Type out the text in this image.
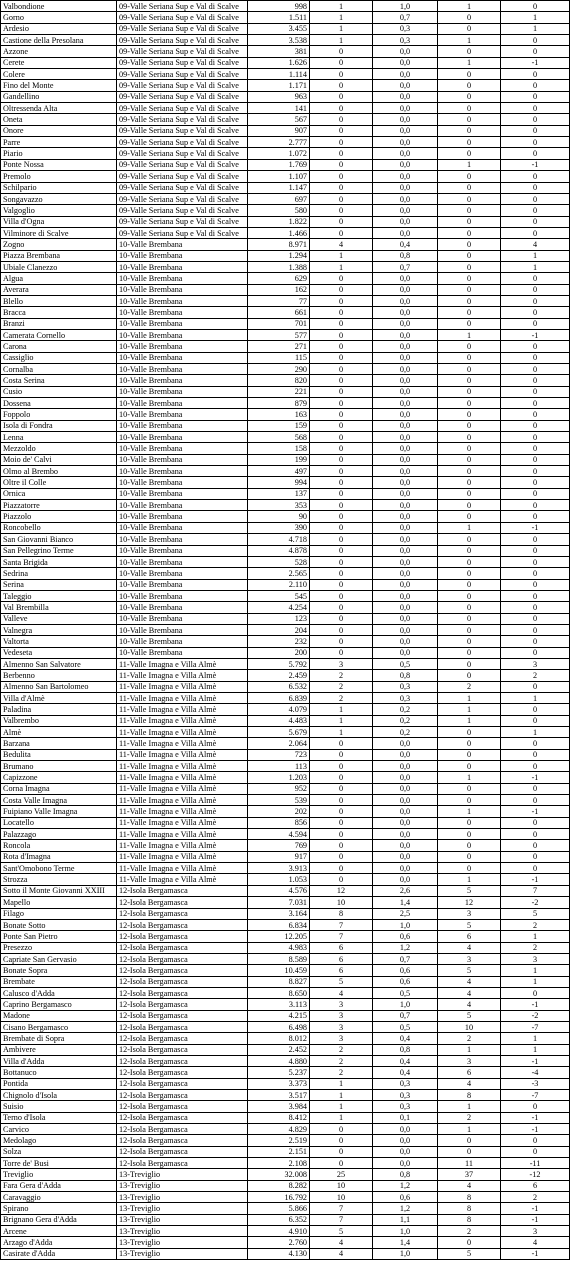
Valbondione	09-Valle Seriana Sup e Val di Scalve	998	1	1,0	1	0
Gorno	09-Valle Seriana Sup e Val di Scalve	1.511	1	0,7	0	1
Ardesio	09-Valle Seriana Sup e Val di Scalve	3.455	1	0,3	0	1
Castione della Presolana	09-Valle Seriana Sup e Val di Scalve	3.538	1	0,3	1	0
Azzone	09-Valle Seriana Sup e Val di Scalve	381	0	0,0	0	0
Cerete	09-Valle Seriana Sup e Val di Scalve	1.626	0	0,0	1	-1
Colere	09-Valle Seriana Sup e Val di Scalve	1.114	0	0,0	0	0
Fino del Monte	09-Valle Seriana Sup e Val di Scalve	1.171	0	0,0	0	0
Gandellino	09-Valle Seriana Sup e Val di Scalve	963	0	0,0	0	0
Oltressenda Alta	09-Valle Seriana Sup e Val di Scalve	141	0	0,0	0	0
Oneta	09-Valle Seriana Sup e Val di Scalve	567	0	0,0	0	0
Onore	09-Valle Seriana Sup e Val di Scalve	907	0	0,0	0	0
Parre	09-Valle Seriana Sup e Val di Scalve	2.777	0	0,0	0	0
Piario	09-Valle Seriana Sup e Val di Scalve	1.072	0	0,0	0	0
Ponte Nossa	09-Valle Seriana Sup e Val di Scalve	1.769	0	0,0	1	-1
Premolo	09-Valle Seriana Sup e Val di Scalve	1.107	0	0,0	0	0
Schilpario	09-Valle Seriana Sup e Val di Scalve	1.147	0	0,0	0	0
Songavazzo	09-Valle Seriana Sup e Val di Scalve	697	0	0,0	0	0
Valgoglio	09-Valle Seriana Sup e Val di Scalve	580	0	0,0	0	0
Villa d'Ogna	09-Valle Seriana Sup e Val di Scalve	1.822	0	0,0	0	0
Vilminore di Scalve	09-Valle Seriana Sup e Val di Scalve	1.466	0	0,0	0	0
Zogno	10-Valle Brembana	8.971	4	0,4	0	4
Piazza Brembana	10-Valle Brembana	1.294	1	0,8	0	1
Ubiale Clanezzo	10-Valle Brembana	1.388	1	0,7	0	1
Algua	10-Valle Brembana	629	0	0,0	0	0
Averara	10-Valle Brembana	162	0	0,0	0	0
Blello	10-Valle Brembana	77	0	0,0	0	0
Bracca	10-Valle Brembana	661	0	0,0	0	0
Branzi	10-Valle Brembana	701	0	0,0	0	0
Camerata Cornello	10-Valle Brembana	577	0	0,0	1	-1
Carona	10-Valle Brembana	271	0	0,0	0	0
Cassiglio	10-Valle Brembana	115	0	0,0	0	0
Cornalba	10-Valle Brembana	290	0	0,0	0	0
Costa Serina	10-Valle Brembana	820	0	0,0	0	0
Cusio	10-Valle Brembana	221	0	0,0	0	0
Dossena	10-Valle Brembana	879	0	0,0	0	0
Foppolo	10-Valle Brembana	163	0	0,0	0	0
Isola di Fondra	10-Valle Brembana	159	0	0,0	0	0
Lenna	10-Valle Brembana	568	0	0,0	0	0
Mezzoldo	10-Valle Brembana	158	0	0,0	0	0
Moio de' Calvi	10-Valle Brembana	199	0	0,0	0	0
Olmo al Brembo	10-Valle Brembana	497	0	0,0	0	0
Oltre il Colle	10-Valle Brembana	994	0	0,0	0	0
Ornica	10-Valle Brembana	137	0	0,0	0	0
Piazzatorre	10-Valle Brembana	353	0	0,0	0	0
Piazzolo	10-Valle Brembana	90	0	0,0	0	0
Roncobello	10-Valle Brembana	390	0	0,0	1	-1
San Giovanni Bianco	10-Valle Brembana	4.718	0	0,0	0	0
San Pellegrino Terme	10-Valle Brembana	4.878	0	0,0	0	0
Santa Brigida	10-Valle Brembana	528	0	0,0	0	0
Sedrina	10-Valle Brembana	2.565	0	0,0	0	0
Serina	10-Valle Brembana	2.110	0	0,0	0	0
Taleggio	10-Valle Brembana	545	0	0,0	0	0
Val Brembilla	10-Valle Brembana	4.254	0	0,0	0	0
Valleve	10-Valle Brembana	123	0	0,0	0	0
Valnegra	10-Valle Brembana	204	0	0,0	0	0
Valtorta	10-Valle Brembana	232	0	0,0	0	0
Vedeseta	10-Valle Brembana	200	0	0,0	0	0
Almenno San Salvatore	11-Valle Imagna e Villa Almè	5.792	3	0,5	0	3
Berbenno	11-Valle Imagna e Villa Almè	2.459	2	0,8	0	2
Almenno San Bartolomeo	11-Valle Imagna e Villa Almè	6.532	2	0,3	2	0
Villa d'Almè	11-Valle Imagna e Villa Almè	6.839	2	0,3	1	1
Paladina	11-Valle Imagna e Villa Almè	4.079	1	0,2	1	0
Valbrembo	11-Valle Imagna e Villa Almè	4.483	1	0,2	1	0
Almè	11-Valle Imagna e Villa Almè	5.679	1	0,2	0	1
Barzana	11-Valle Imagna e Villa Almè	2.064	0	0,0	0	0
Bedulita	11-Valle Imagna e Villa Almè	723	0	0,0	0	0
Brumano	11-Valle Imagna e Villa Almè	113	0	0,0	0	0
Capizzone	11-Valle Imagna e Villa Almè	1.203	0	0,0	1	-1
Corna Imagna	11-Valle Imagna e Villa Almè	952	0	0,0	0	0
Costa Valle Imagna	11-Valle Imagna e Villa Almè	539	0	0,0	0	0
Fuipiano Valle Imagna	11-Valle Imagna e Villa Almè	202	0	0,0	1	-1
Locatello	11-Valle Imagna e Villa Almè	856	0	0,0	0	0
Palazzago	11-Valle Imagna e Villa Almè	4.594	0	0,0	0	0
Roncola	11-Valle Imagna e Villa Almè	769	0	0,0	0	0
Rota d'Imagna	11-Valle Imagna e Villa Almè	917	0	0,0	0	0
Sant'Omobono Terme	11-Valle Imagna e Villa Almè	3.913	0	0,0	0	0
Strozza	11-Valle Imagna e Villa Almè	1.053	0	0,0	1	-1
Sotto il Monte Giovanni XXIII	12-Isola Bergamasca	4.576	12	2,6	5	7
Mapello	12-Isola Bergamasca	7.031	10	1,4	12	-2
Filago	12-Isola Bergamasca	3.164	8	2,5	3	5
Bonate Sotto	12-Isola Bergamasca	6.834	7	1,0	5	2
Ponte San Pietro	12-Isola Bergamasca	12.205	7	0,6	6	1
Presezzo	12-Isola Bergamasca	4.983	6	1,2	4	2
Capriate San Gervasio	12-Isola Bergamasca	8.589	6	0,7	3	3
Bonate Sopra	12-Isola Bergamasca	10.459	6	0,6	5	1
Brembate	12-Isola Bergamasca	8.827	5	0,6	4	1
Calusco d'Adda	12-Isola Bergamasca	8.650	4	0,5	4	0
Caprino Bergamasco	12-Isola Bergamasca	3.113	3	1,0	4	-1
Madone	12-Isola Bergamasca	4.215	3	0,7	5	-2
Cisano Bergamasco	12-Isola Bergamasca	6.498	3	0,5	10	-7
Brembate di Sopra	12-Isola Bergamasca	8.012	3	0,4	2	1
Ambivere	12-Isola Bergamasca	2.452	2	0,8	1	1
Villa d'Adda	12-Isola Bergamasca	4.880	2	0,4	3	-1
Bottanuco	12-Isola Bergamasca	5.237	2	0,4	6	-4
Pontida	12-Isola Bergamasca	3.373	1	0,3	4	-3
Chignolo d'Isola	12-Isola Bergamasca	3.517	1	0,3	8	-7
Suisio	12-Isola Bergamasca	3.984	1	0,3	1	0
Terno d'Isola	12-Isola Bergamasca	8.412	1	0,1	2	-1
Carvico	12-Isola Bergamasca	4.829	0	0,0	1	-1
Medolago	12-Isola Bergamasca	2.519	0	0,0	0	0
Solza	12-Isola Bergamasca	2.151	0	0,0	0	0
Torre de' Busi	12-Isola Bergamasca	2.108	0	0,0	11	-11
Treviglio	13-Treviglio	32.008	25	0,8	37	-12
Fara Gera d'Adda	13-Treviglio	8.282	10	1,2	4	6
Caravaggio	13-Treviglio	16.792	10	0,6	8	2
Spirano	13-Treviglio	5.866	7	1,2	8	-1
Brignano Gera d'Adda	13-Treviglio	6.352	7	1,1	8	-1
Arcene	13-Treviglio	4.910	5	1,0	2	3
Arzago d'Adda	13-Treviglio	2.760	4	1,4	0	4
Casirate d'Adda	13-Treviglio	4.130	4	1,0	5	-1
